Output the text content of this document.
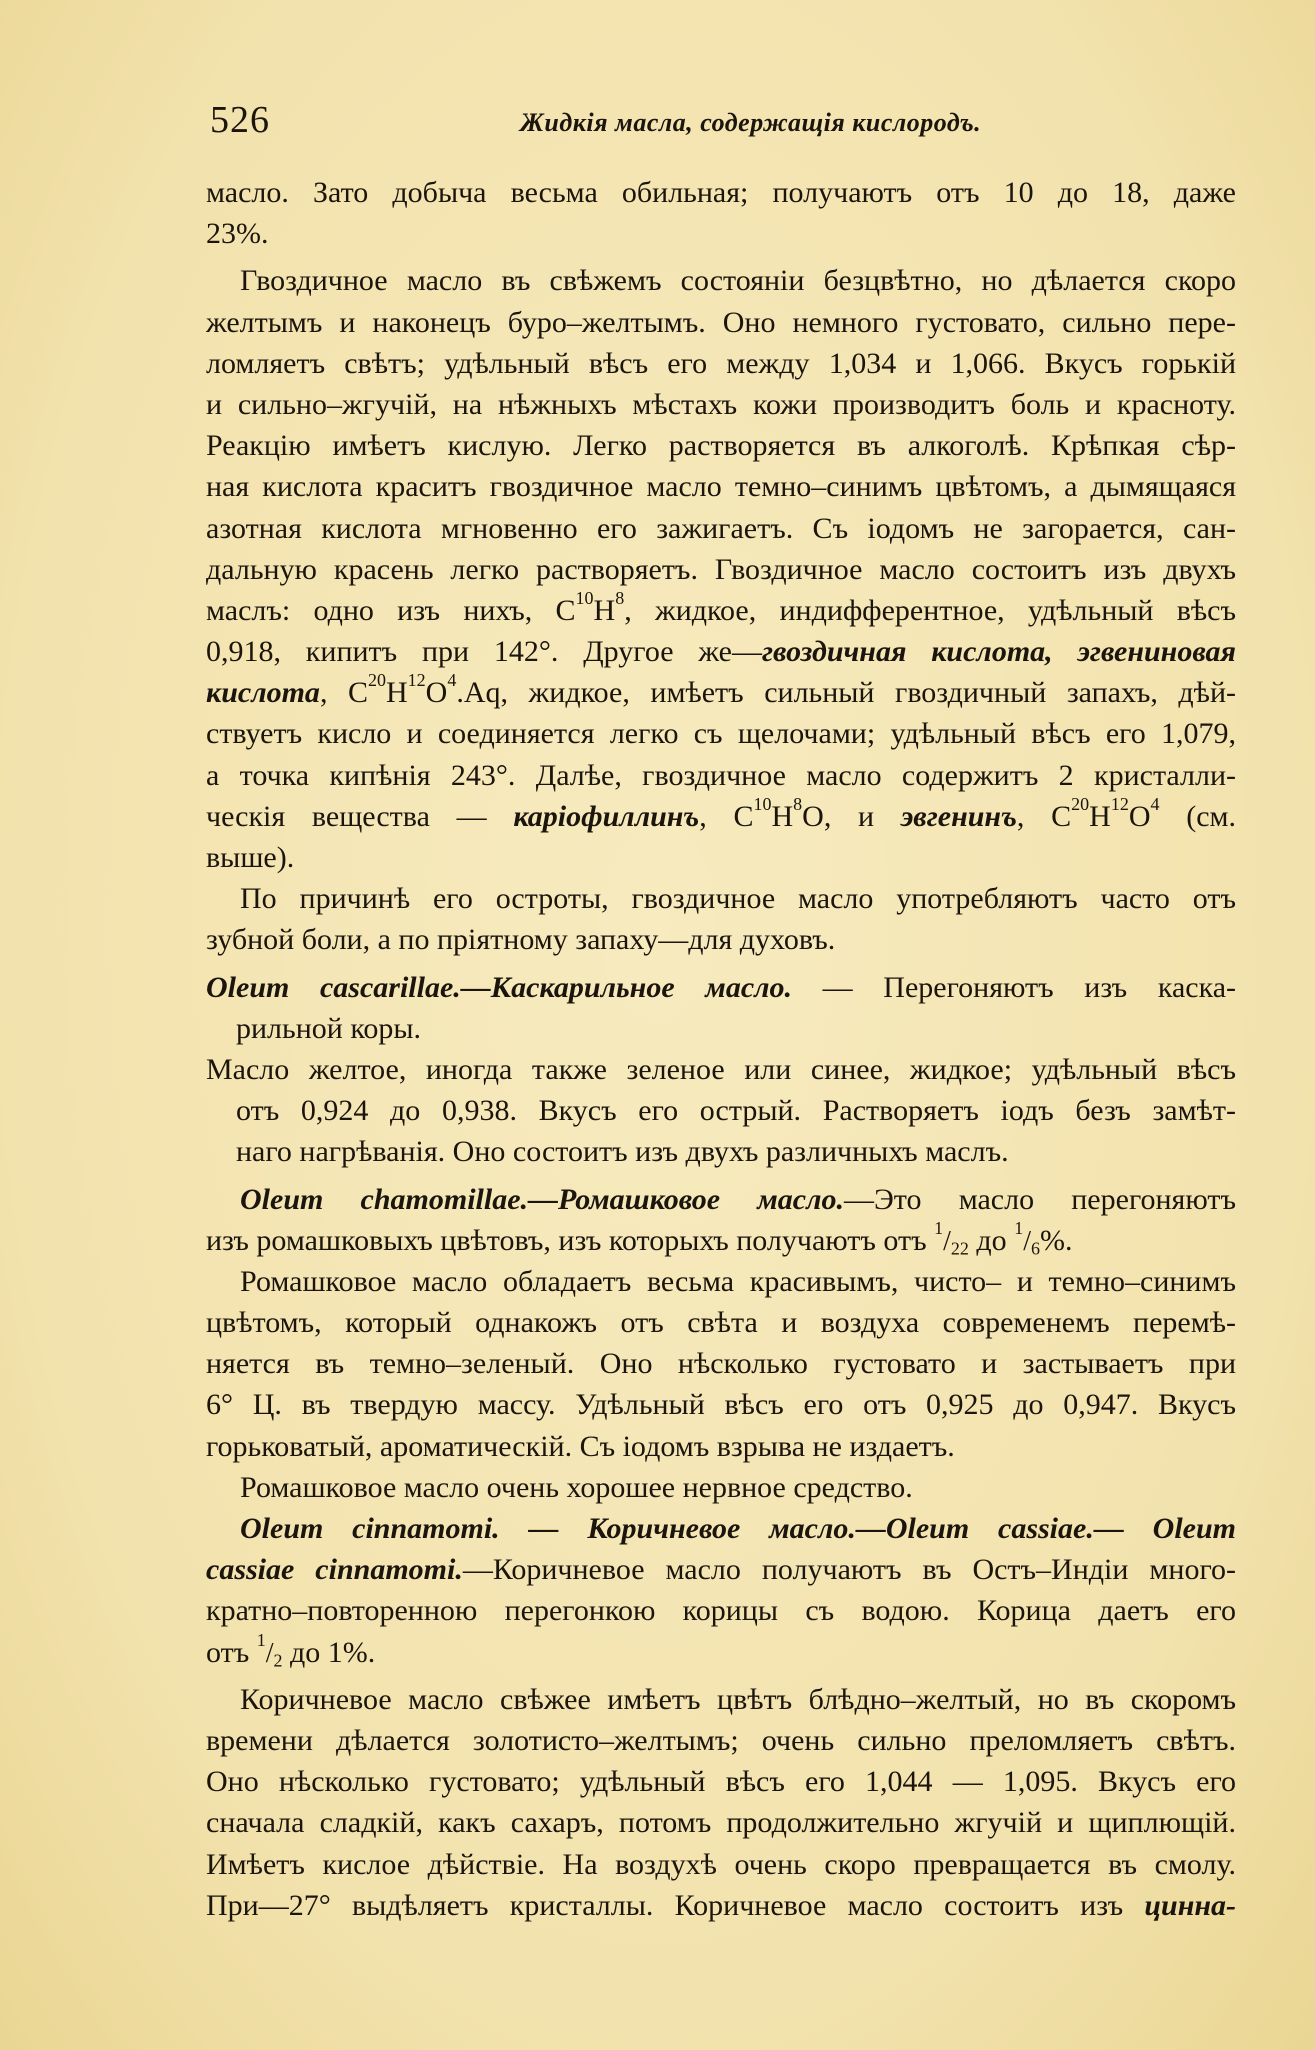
526	Жидкія масла, содержащія кислородъ.
масло. Зато добыча весьма обильная; получаютъ отъ 10 до 18, даже
23%.
Гвоздичное масло въ свѣжемъ состояніи безцвѣтно, но дѣлается скоро
желтымъ и наконецъ буро–желтымъ. Оно немного густовато, сильно пере-
ломляетъ свѣтъ; удѣльный вѣсъ его между 1,034 и 1,066. Вкусъ горькій
и сильно–жгучій, на нѣжныхъ мѣстахъ кожи производитъ боль и красноту.
Реакцію имѣетъ кислую. Легко растворяется въ алкоголѣ. Крѣпкая сѣр-
ная кислота краситъ гвоздичное масло темно–синимъ цвѣтомъ, а дымящаяся
азотная кислота мгновенно его зажигаетъ. Съ іодомъ не загорается, сан-
дальную красень легко растворяетъ. Гвоздичное масло состоитъ изъ двухъ
маслъ: одно изъ нихъ, $C^{10}H^8$, жидкое, индифферентное, удѣльный вѣсъ
0,918, кипитъ при 142°. Другое же—гвоздичная кислота, эгвениновая
кислота, $C^{20}H^{12}O^4.Aq$, жидкое, имѣетъ сильный гвоздичный запахъ, дѣй-
ствуетъ кисло и соединяется легко съ щелочами; удѣльный вѣсъ его 1,079,
а точка кипѣнія 243°. Далѣе, гвоздичное масло содержитъ 2 кристалли-
ческія вещества — каріофиллинъ, $C^{10}H^8O$, и эвгенинъ, $C^{20}H^{12}O^4$ (см.
выше).
По причинѣ его остроты, гвоздичное масло употребляютъ часто отъ
зубной боли, а по пріятному запаху—для духовъ.
Oleum cascarillae.—Каскарильное масло. — Перегоняютъ изъ каска-
рильной коры.
Масло желтое, иногда также зеленое или синее, жидкое; удѣльный вѣсъ
отъ 0,924 до 0,938. Вкусъ его острый. Растворяетъ іодъ безъ замѣт-
наго нагрѣванія. Оно состоитъ изъ двухъ различныхъ маслъ.
Oleum chamomillae.—Ромашковое масло.—Это масло перегоняютъ
изъ ромашковыхъ цвѣтовъ, изъ которыхъ получаютъ отъ $^1/_{22}$ до $^1/_6\%$.
Ромашковое масло обладаетъ весьма красивымъ, чисто– и темно–синимъ
цвѣтомъ, который однакожъ отъ свѣта и воздуха современемъ перемѣ-
няется въ темно–зеленый. Оно нѣсколько густовато и застываетъ при
6° Ц. въ твердую массу. Удѣльный вѣсъ его отъ 0,925 до 0,947. Вкусъ
горьковатый, ароматическій. Съ іодомъ взрыва не издаетъ.
Ромашковое масло очень хорошее нервное средство.
Oleum cinnamomi. — Коричневое масло.—Oleum cassiae.— Oleum
cassiae cinnamomi.—Коричневое масло получаютъ въ Остъ–Индіи много-
кратно–повторенною перегонкою корицы съ водою. Корица даетъ его
отъ $^1/_2$ до 1%.
Коричневое масло свѣжее имѣетъ цвѣтъ блѣдно–желтый, но въ скоромъ
времени дѣлается золотисто–желтымъ; очень сильно преломляетъ свѣтъ.
Оно нѣсколько густовато; удѣльный вѣсъ его 1,044 — 1,095. Вкусъ его
сначала сладкій, какъ сахаръ, потомъ продолжительно жгучій и щиплющій.
Имѣетъ кислое дѣйствіе. На воздухѣ очень скоро превращается въ смолу.
При—27° выдѣляетъ кристаллы. Коричневое масло состоитъ изъ цинна-
